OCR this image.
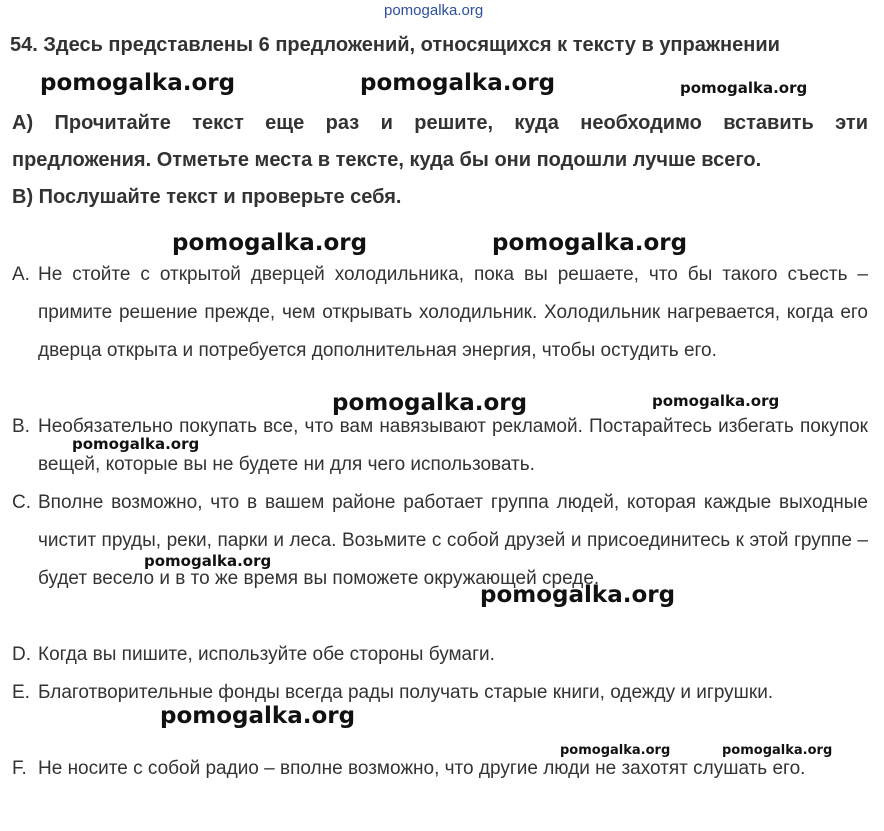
pomogalka.org
54. Здесь представлены 6 предложений, относящихся к тексту в упражнении
pomogalka.org	pomogalka.org	pomogalka.org
A) Прочитайте текст еще раз и решите, куда необходимо вставить эти
предложения. Отметьте места в тексте, куда бы они подошли лучше всего.
B) Послушайте текст и проверьте себя.
pomogalka.org	pomogalka.org
A. Не стойте с открытой дверцей холодильника, пока вы решаете, что бы такого съесть – примите решение прежде, чем открывать холодильник. Холодильник нагревается, когда его дверца открыта и потребуется дополнительная энергия, чтобы остудить его.
B. Необязательно покупать все, что вам навязывают рекламой. Постарайтесь избегать покупок вещей, которые вы не будете ни для чего использовать.
C. Вполне возможно, что в вашем районе работает группа людей, которая каждые выходные чистит пруды, реки, парки и леса. Возьмите с собой друзей и присоединитесь к этой группе – будет весело и в то же время вы поможете окружающей среде.
D. Когда вы пишите, используйте обе стороны бумаги.
E. Благотворительные фонды всегда рады получать старые книги, одежду и игрушки.
F. Не носите с собой радио – вполне возможно, что другие люди не захотят слушать его.
pomogalka.org	pomogalka.org
pomogalka.org
pomogalka.org
pomogalka.org
pomogalka.org
pomogalka.org	pomogalka.org
